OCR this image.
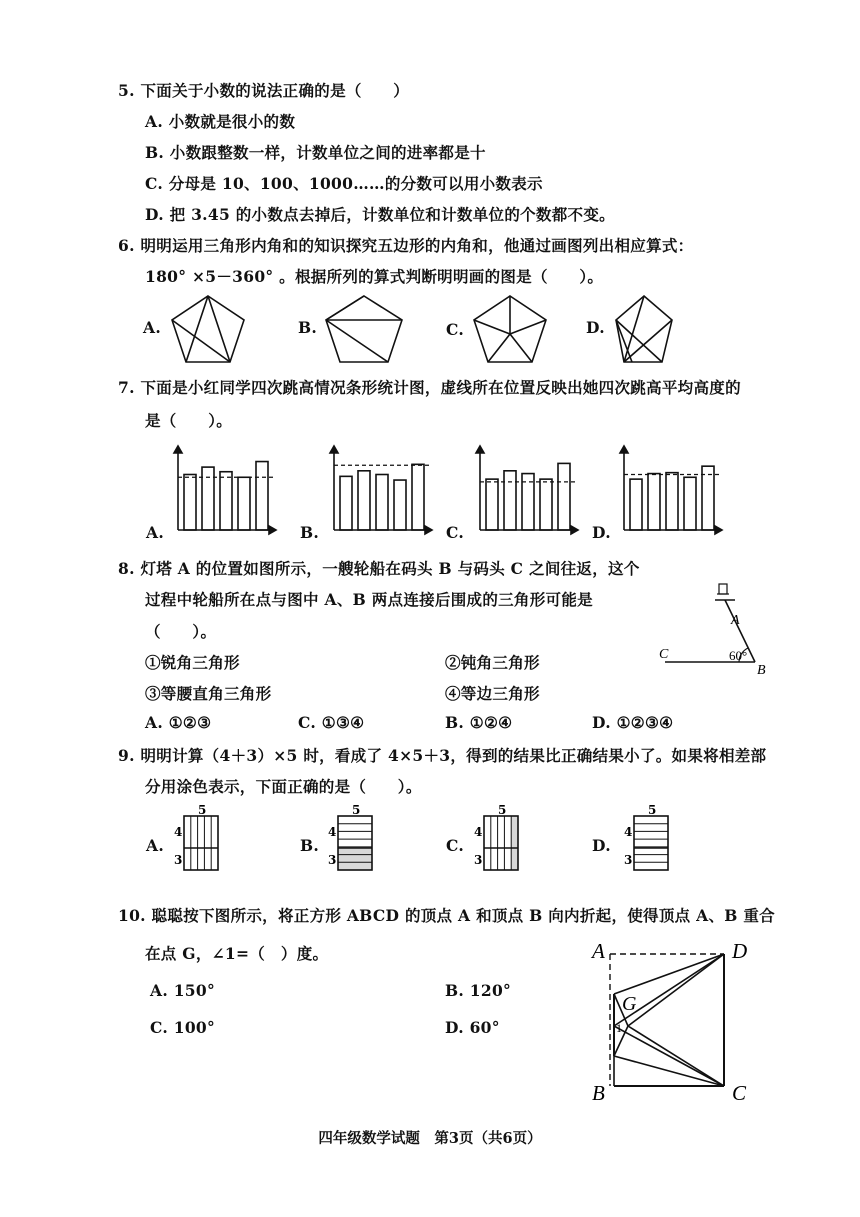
5. 下面关于小数的说法正确的是（　　）
A. 小数就是很小的数
B. 小数跟整数一样，计数单位之间的进率都是十
C. 分母是 10、100、1000……的分数可以用小数表示
D. 把 3.45 的小数点去掉后，计数单位和计数单位的个数都不变。
6. 明明运用三角形内角和的知识探究五边形的内角和，他通过画图列出相应算式：
180° ×5－360° 。根据所列的算式判断明明画的图是（　　）。
A.	B.	C.	D.
7. 下面是小红同学四次跳高情况条形统计图，虚线所在位置反映出她四次跳高平均高度的
是（　　）。
A.	B.	C.	D.
8. 灯塔 A 的位置如图所示，一艘轮船在码头 B 与码头 C 之间往返，这个
过程中轮船所在点与图中 A、B 两点连接后围成的三角形可能是
（　　）。
①锐角三角形	②钝角三角形
③等腰直角三角形	④等边三角形
A. ①②③	C. ①③④	B. ①②④	D. ①②③④
A
B
C	60°
9. 明明计算（4＋3）×5 时，看成了 4×5＋3，得到的结果比正确结果小了。如果将相差部
分用涂色表示，下面正确的是（　　）。
A.
5
4
3
B.
5
4
3
C.
5
4
3
D.
5
4
3
10. 聪聪按下图所示，将正方形 ABCD 的顶点 A 和顶点 B 向内折起，使得顶点 A、B 重合
在点 G，∠1=（　）度。
A. 150°	B. 120°
C. 100°	D. 60°
A	D
B	C
G
1
四年级数学试题　第3页（共6页）
